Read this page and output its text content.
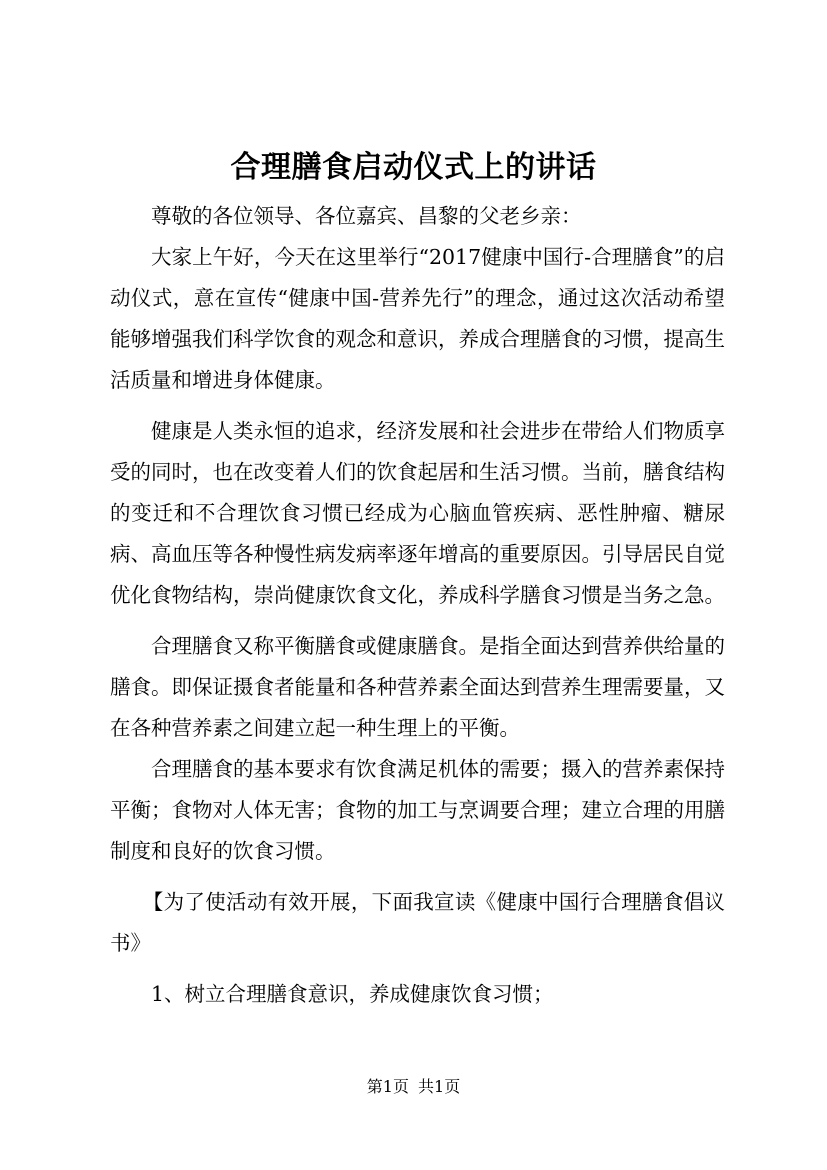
合理膳食启动仪式上的讲话

尊敬的各位领导、各位嘉宾、昌黎的父老乡亲：

大家上午好，今天在这里举行“2017健康中国行-合理膳食”的启动仪式，意在宣传“健康中国-营养先行”的理念，通过这次活动希望能够增强我们科学饮食的观念和意识，养成合理膳食的习惯，提高生活质量和增进身体健康。

健康是人类永恒的追求，经济发展和社会进步在带给人们物质享受的同时，也在改变着人们的饮食起居和生活习惯。当前，膳食结构的变迁和不合理饮食习惯已经成为心脑血管疾病、恶性肿瘤、糖尿病、高血压等各种慢性病发病率逐年增高的重要原因。引导居民自觉优化食物结构，崇尚健康饮食文化，养成科学膳食习惯是当务之急。

合理膳食又称平衡膳食或健康膳食。是指全面达到营养供给量的膳食。即保证摄食者能量和各种营养素全面达到营养生理需要量，又在各种营养素之间建立起一种生理上的平衡。

合理膳食的基本要求有饮食满足机体的需要；摄入的营养素保持平衡；食物对人体无害；食物的加工与烹调要合理；建立合理的用膳制度和良好的饮食习惯。

【为了使活动有效开展，下面我宣读《健康中国行合理膳食倡议书》

1、树立合理膳食意识，养成健康饮食习惯；

第1页 共1页
